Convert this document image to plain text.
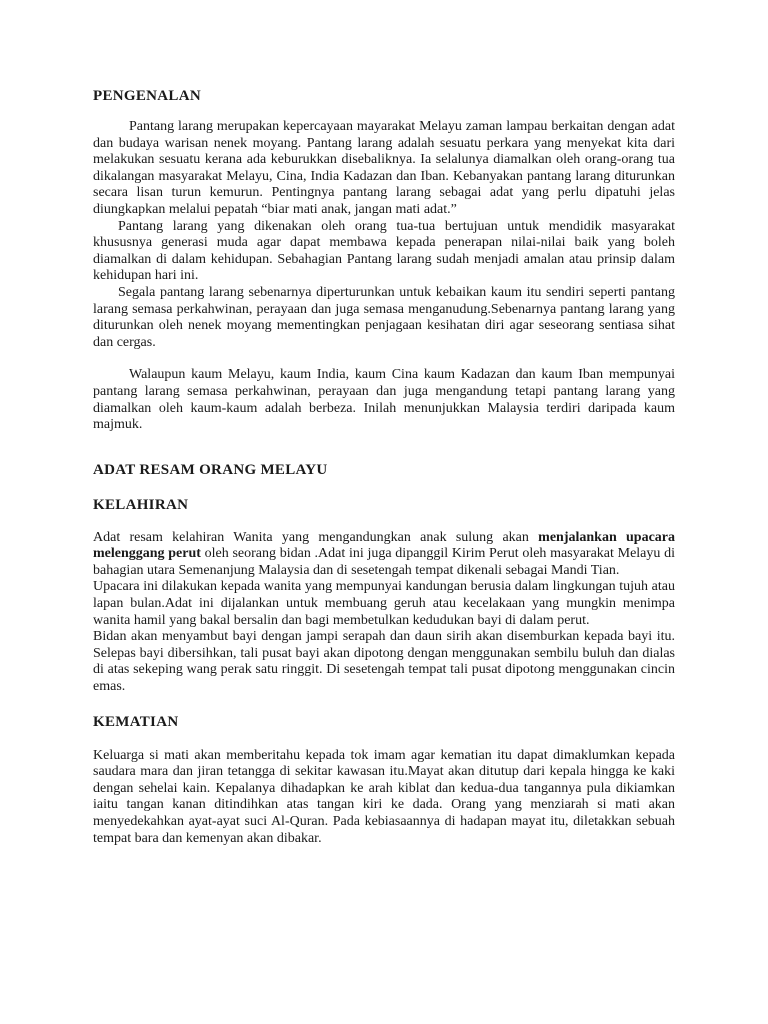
PENGENALAN

Pantang larang merupakan kepercayaan mayarakat Melayu zaman lampau berkaitan dengan adat dan budaya warisan nenek moyang. Pantang larang adalah sesuatu perkara yang menyekat kita dari melakukan sesuatu kerana ada keburukkan disebaliknya. Ia selalunya diamalkan oleh orang-orang tua dikalangan masyarakat Melayu, Cina, India Kadazan dan Iban. Kebanyakan pantang larang diturunkan secara lisan turun kemurun. Pentingnya pantang larang sebagai adat yang perlu dipatuhi jelas diungkapkan melalui pepatah “biar mati anak, jangan mati adat.”

Pantang larang yang dikenakan oleh orang tua-tua bertujuan untuk mendidik masyarakat khususnya generasi muda agar dapat membawa kepada penerapan nilai-nilai baik yang boleh diamalkan di dalam kehidupan. Sebahagian Pantang larang sudah menjadi amalan atau prinsip dalam kehidupan hari ini.

Segala pantang larang sebenarnya diperturunkan untuk kebaikan kaum itu sendiri seperti pantang larang semasa perkahwinan, perayaan dan juga semasa menganudung.Sebenarnya pantang larang yang diturunkan oleh nenek moyang mementingkan penjagaan kesihatan diri agar seseorang sentiasa sihat dan cergas.

Walaupun kaum Melayu, kaum India, kaum Cina kaum Kadazan dan kaum Iban mempunyai pantang larang semasa perkahwinan, perayaan dan juga mengandung tetapi pantang larang yang diamalkan oleh kaum-kaum adalah berbeza. Inilah menunjukkan Malaysia terdiri daripada kaum majmuk.

ADAT RESAM ORANG MELAYU
KELAHIRAN

Adat resam kelahiran Wanita yang mengandungkan anak sulung akan menjalankan upacara melenggang perut oleh seorang bidan .Adat ini juga dipanggil Kirim Perut oleh masyarakat Melayu di bahagian utara Semenanjung Malaysia dan di sesetengah tempat dikenali sebagai Mandi Tian.

Upacara ini dilakukan kepada wanita yang mempunyai kandungan berusia dalam lingkungan tujuh atau lapan bulan.Adat ini dijalankan untuk membuang geruh atau kecelakaan yang mungkin menimpa wanita hamil yang bakal bersalin dan bagi membetulkan kedudukan bayi di dalam perut.

Bidan akan menyambut bayi dengan jampi serapah dan daun sirih akan disemburkan kepada bayi itu. Selepas bayi dibersihkan, tali pusat bayi akan dipotong dengan menggunakan sembilu buluh dan dialas di atas sekeping wang perak satu ringgit. Di sesetengah tempat tali pusat dipotong menggunakan cincin emas.

KEMATIAN

Keluarga si mati akan memberitahu kepada tok imam agar kematian itu dapat dimaklumkan kepada saudara mara dan jiran tetangga di sekitar kawasan itu.Mayat akan ditutup dari kepala hingga ke kaki dengan sehelai kain. Kepalanya dihadapkan ke arah kiblat dan kedua-dua tangannya pula dikiamkan iaitu tangan kanan ditindihkan atas tangan kiri ke dada. Orang yang menziarah si mati akan menyedekahkan ayat-ayat suci Al-Quran. Pada kebiasaannya di hadapan mayat itu, diletakkan sebuah tempat bara dan kemenyan akan dibakar.
